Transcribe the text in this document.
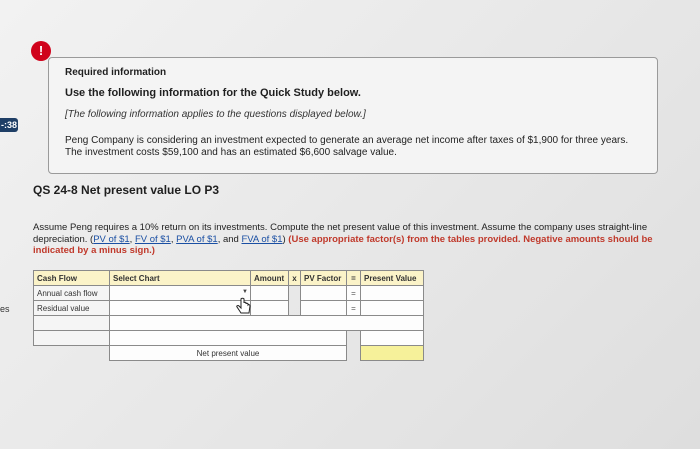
-:38
es
Required information
Use the following information for the Quick Study below.
[The following information applies to the questions displayed below.]
Peng Company is considering an investment expected to generate an average net income after taxes of $1,900 for three years. The investment costs $59,100 and has an estimated $6,600 salvage value.
!
QS 24-8 Net present value LO P3
Assume Peng requires a 10% return on its investments. Compute the net present value of this investment. Assume the company uses straight-line depreciation. (PV of $1, FV of $1, PVA of $1, and FVA of $1) (Use appropriate factor(s) from the tables provided. Negative amounts should be indicated by a minus sign.)
Cash Flow	Select Chart	Amount	x	PV Factor	=	Present Value
Annual cash flow	▼				=	
Residual value					=	

	Net present value					
